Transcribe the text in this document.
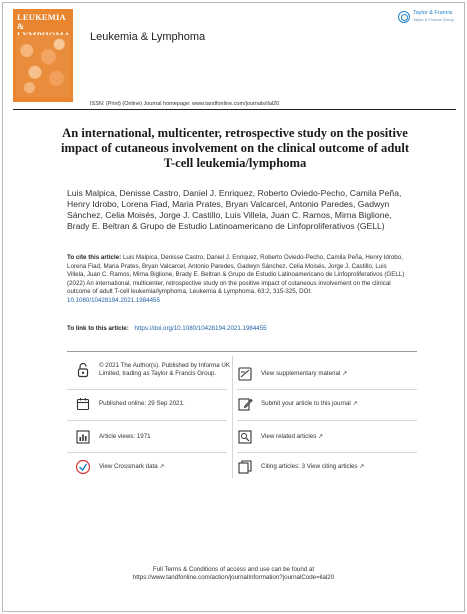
LEUKEMIA &
Leukemia & Lymphoma
Taylor & Francis
Taylor & Francis Group
ISSN: (Print) (Online) Journal homepage: www.tandfonline.com/journals/ilal20
An international, multicenter, retrospective study on the positive impact of cutaneous involvement on the clinical outcome of adult T-cell leukemia/lymphoma
Luis Malpica, Denisse Castro, Daniel J. Enriquez, Roberto Oviedo-Pecho, Camila Peña, Henry Idrobo, Lorena Fiad, Maria Prates, Bryan Valcarcel, Antonio Paredes, Gadwyn Sánchez, Celia Moisés, Jorge J. Castillo, Luis Villela, Juan C. Ramos, Mirna Biglione, Brady E. Beltran & Grupo de Estudio Latinoamericano de Linfoproliferativos (GELL)
To cite this article: Luis Malpica, Denisse Castro, Daniel J. Enriquez, Roberto Oviedo-Pecho, Camila Peña, Henry Idrobo, Lorena Fiad, Maria Prates, Bryan Valcarcel, Antonio Paredes, Gadwyn Sánchez, Celia Moisés, Jorge J. Castillo, Luis Villela, Juan C. Ramos, Mirna Biglione, Brady E. Beltran & Grupo de Estudio Latinoamericano de Linfoproliferativos (GELL) (2022) An international, multicenter, retrospective study on the positive impact of cutaneous involvement on the clinical outcome of adult T-cell leukemia/lymphoma, Leukemia & Lymphoma, 63:2, 315-325, DOI: 10.1080/10428194.2021.1984455
To link to this article: https://doi.org/10.1080/10428194.2021.1984455
© 2021 The Author(s). Published by Informa UK Limited, trading as Taylor & Francis Group.
Published online: 29 Sep 2021.
Article views: 1971
View Crossmark data ↗
View supplementary material ↗
Submit your article to this journal ↗
View related articles ↗
Citing articles: 3 View citing articles ↗
Full Terms & Conditions of access and use can be found at
https://www.tandfonline.com/action/journalInformation?journalCode=ilal20
